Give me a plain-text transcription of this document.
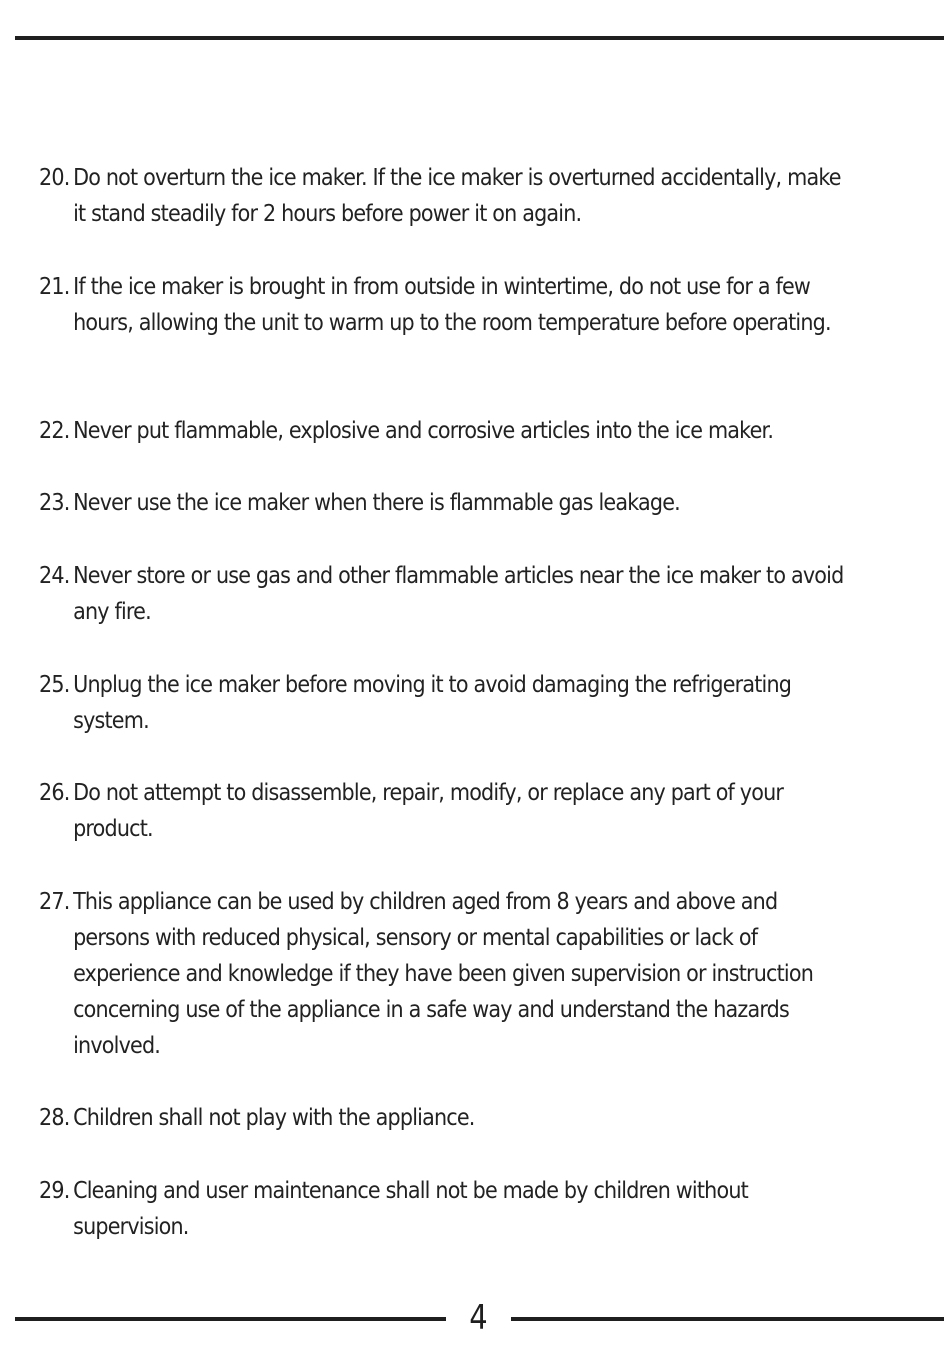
20. Do not overturn the ice maker. If the ice maker is overturned accidentally, make it stand steadily for 2 hours before power it on again.
21. If the ice maker is brought in from outside in wintertime, do not use for a few hours, allowing the unit to warm up to the room temperature before operating.
22. Never put flammable, explosive and corrosive articles into the ice maker.
23. Never use the ice maker when there is flammable gas leakage.
24. Never store or use gas and other flammable articles near the ice maker to avoid any fire.
25. Unplug the ice maker before moving it to avoid damaging the refrigerating system.
26. Do not attempt to disassemble, repair, modify, or replace any part of your product.
27. This appliance can be used by children aged from 8 years and above and persons with reduced physical, sensory or mental capabilities or lack of experience and knowledge if they have been given supervision or instruction concerning use of the appliance in a safe way and understand the hazards involved.
28. Children shall not play with the appliance.
29. Cleaning and user maintenance shall not be made by children without supervision.
4
